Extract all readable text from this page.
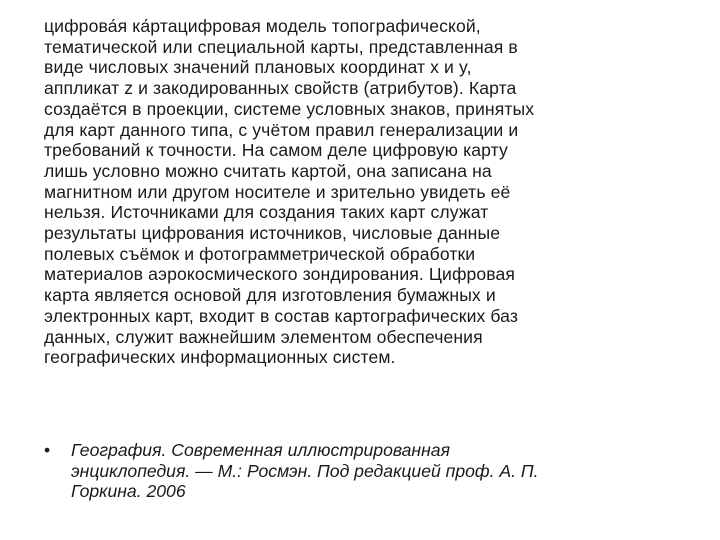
цифрова́я ка́ртацифровая модель топографической,
тематической или специальной карты, представленная в
виде числовых значений плановых координат x и y,
аппликат z и закодированных свойств (атрибутов). Карта
создаётся в проекции, системе условных знаков, принятых
для карт данного типа, с учётом правил генерализации и
требований к точности. На самом деле цифровую карту
лишь условно можно считать картой, она записана на
магнитном или другом носителе и зрительно увидеть её
нельзя. Источниками для создания таких карт служат
результаты цифрования источников, числовые данные
полевых съёмок и фотограмметрической обработки
материалов аэрокосмического зондирования. Цифровая
карта является основой для изготовления бумажных и
электронных карт, входит в состав картографических баз
данных, служит важнейшим элементом обеспечения
географических информационных систем.
• География. Современная иллюстрированная
энциклопедия. — М.: Росмэн. Под редакцией проф. А. П.
Горкина. 2006
